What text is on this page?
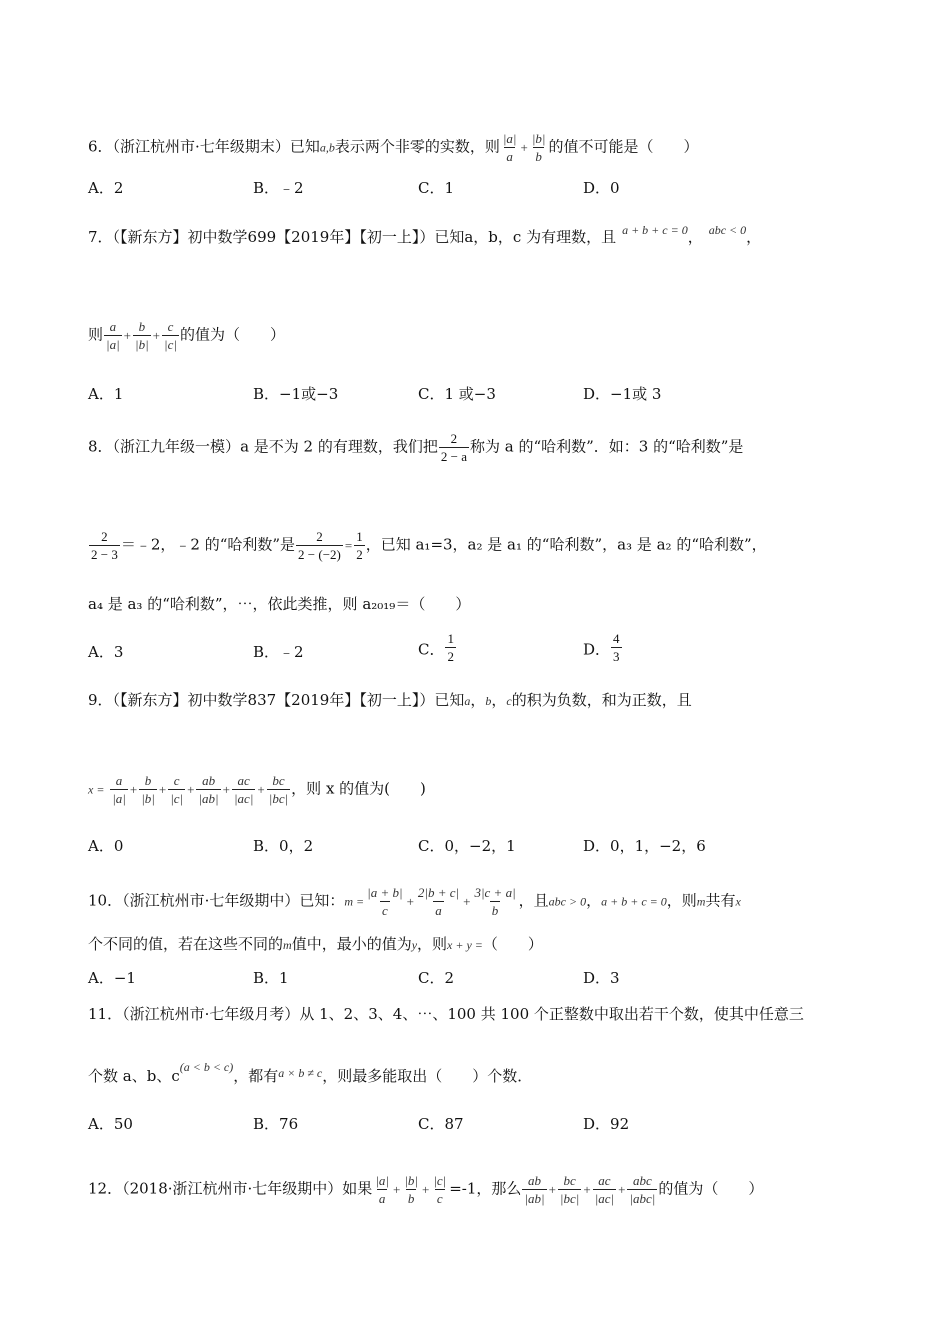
6．（浙江杭州市·七年级期末）已知a,b表示两个非零的实数，则 $\frac{|a|}{a} + \frac{|b|}{b}$ 的值不可能是（　　）
A．2	B．﹣2	C．1	D．0
7．（【新东方】初中数学699【2019年】【初一上】）已知a，b，c 为有理数，且 $^{a + b + c = 0}$， $^{abc < 0}$，
则 $\frac{a}{|a|} + \frac{b}{|b|} + \frac{c}{|c|}$ 的值为（　　）
A．1	B．−1或−3	C．1 或−3	D．−1或 3
8．（浙江九年级一模）a 是不为 2 的有理数，我们把 $\frac{2}{2 - a}$ 称为 a 的“哈利数”．如：3 的“哈利数”是
$\frac{2}{2 - 3}$ ＝﹣2，﹣2 的“哈利数”是 $\frac{2}{2 - (-2)} = \frac{1}{2}$ ，已知 a₁=3，a₂ 是 a₁ 的“哈利数”，a₃ 是 a₂ 的“哈利数”，
a₄ 是 a₃ 的“哈利数”，⋯，依此类推，则 a₂₀₁₉＝（　　）
A．3	B．﹣2	C． $\frac{1}{2}$	D． $\frac{4}{3}$
9．（【新东方】初中数学837【2019年】【初一上】）已知a，b，c的积为负数，和为正数，且
$x = \frac{a}{|a|} + \frac{b}{|b|} + \frac{c}{|c|} + \frac{ab}{|ab|} + \frac{ac}{|ac|} + \frac{bc}{|bc|}$ ，则 x 的值为(　　)
A．0	B．0，2	C．0，−2，1	D．0，1，−2，6
10．（浙江杭州市·七年级期中）已知：$m = \frac{|a + b|}{c} + \frac{2|b + c|}{a} + \frac{3|c + a|}{b}$ ，且abc > 0，a + b + c = 0，则m共有x
个不同的值，若在这些不同的m值中，最小的值为y，则x + y =（　　）
A．−1	B．1	C．2	D．3
11．（浙江杭州市·七年级月考）从 1、2、3、4、⋯、100 共 100 个正整数中取出若干个数，使其中任意三
个数 a、b、$c^{(a < b < c)}$，都有$^{a \times b \ne c}$，则最多能取出（　　）个数．
A．50	B．76	C．87	D．92
12．（2018·浙江杭州市·七年级期中）如果 $\frac{|a|}{a} + \frac{|b|}{b} + \frac{|c|}{c} =-1$，那么 $\frac{ab}{|ab|} + \frac{bc}{|bc|} + \frac{ac}{|ac|} + \frac{\text{abc}}{\text{|abc|}}$ 的值为（　　）
